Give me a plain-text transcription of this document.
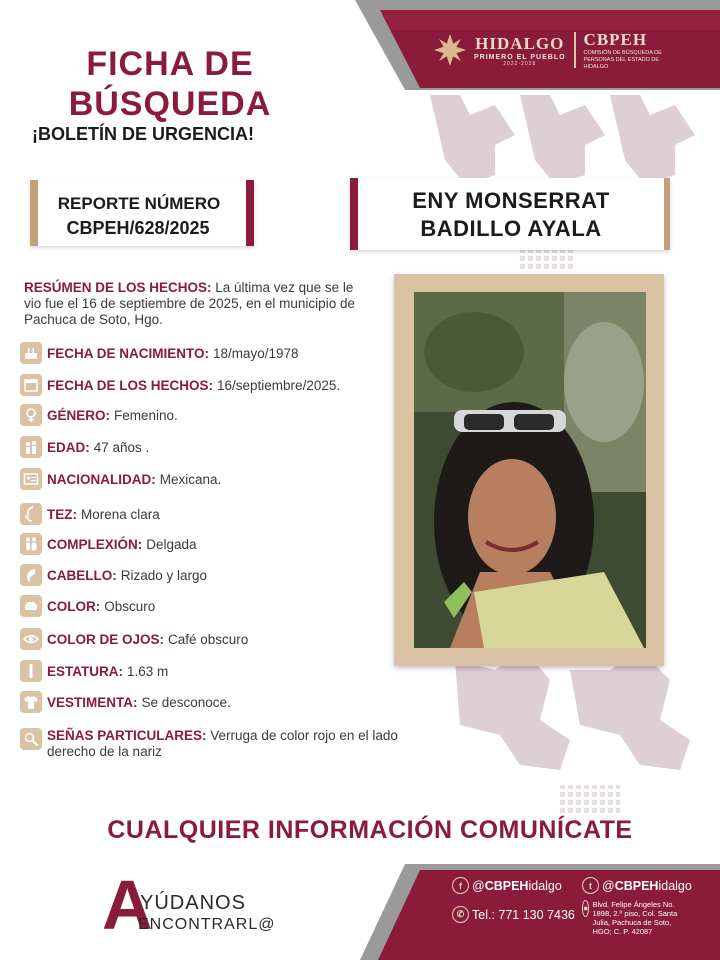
HIDALGO
PRIMERO EL PUEBLO
2022-2028
CBPEH
COMISIÓN DE BÚSQUEDA DE PERSONAS DEL ESTADO DE HIDALGO
FICHA DE
BÚSQUEDA
¡BOLETÍN DE URGENCIA!
REPORTE NÚMERO
CBPEH/628/2025
ENY MONSERRAT
BADILLO AYALA
RESÚMEN DE LOS HECHOS: La última vez que se le vio fue el 16 de septiembre de 2025, en el municipio de Pachuca de Soto, Hgo.
FECHA DE NACIMIENTO: 18/mayo/1978
FECHA DE LOS HECHOS: 16/septiembre/2025.
GÉNERO: Femenino.
EDAD: 47 años .
NACIONALIDAD: Mexicana.
TEZ: Morena clara
COMPLEXIÓN: Delgada
CABELLO: Rizado y largo
COLOR: Obscuro
COLOR DE OJOS: Café obscuro
ESTATURA: 1.63 m
VESTIMENTA: Se desconoce.
SEÑAS PARTICULARES: Verruga de color rojo en el lado derecho de la nariz
CUALQUIER INFORMACIÓN COMUNÍCATE
A
YÚDANOS
ENCONTRARL@
f @ CBPEH idalgo	t @ CBPEH idalgo
✆ Tel.: 771 130 7436 ● Blvd. Felipe Ángeles No. 1898, 2.º piso, Col. Santa Julia, Pachuca de Soto, HGO; C. P. 42087
